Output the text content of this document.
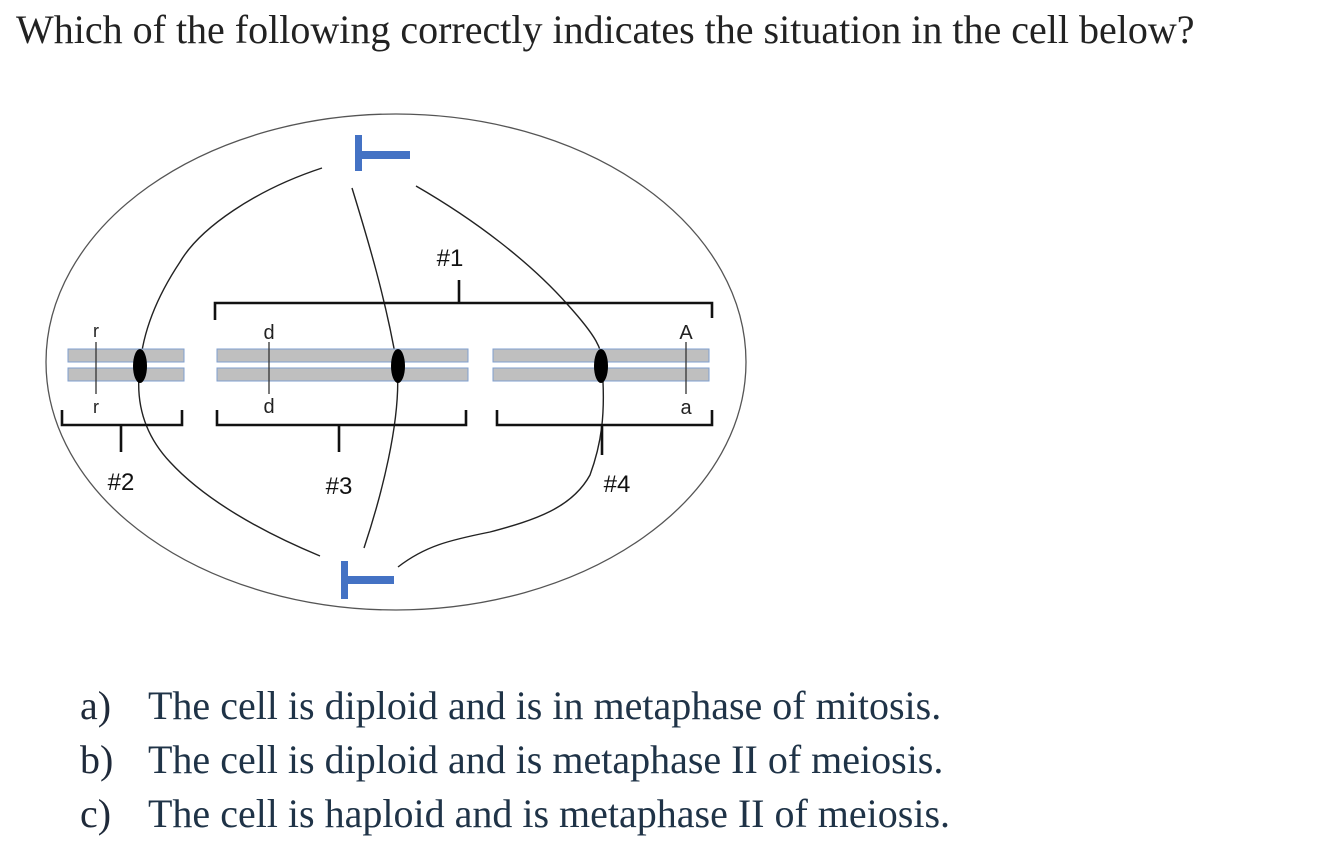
Which of the following correctly indicates the situation in the cell below?
r
r
d
d
A
a
#1
#2	#3	#4
a) The cell is diploid and is in metaphase of mitosis.
b) The cell is diploid and is metaphase II of meiosis.
c) The cell is haploid and is metaphase II of meiosis.
